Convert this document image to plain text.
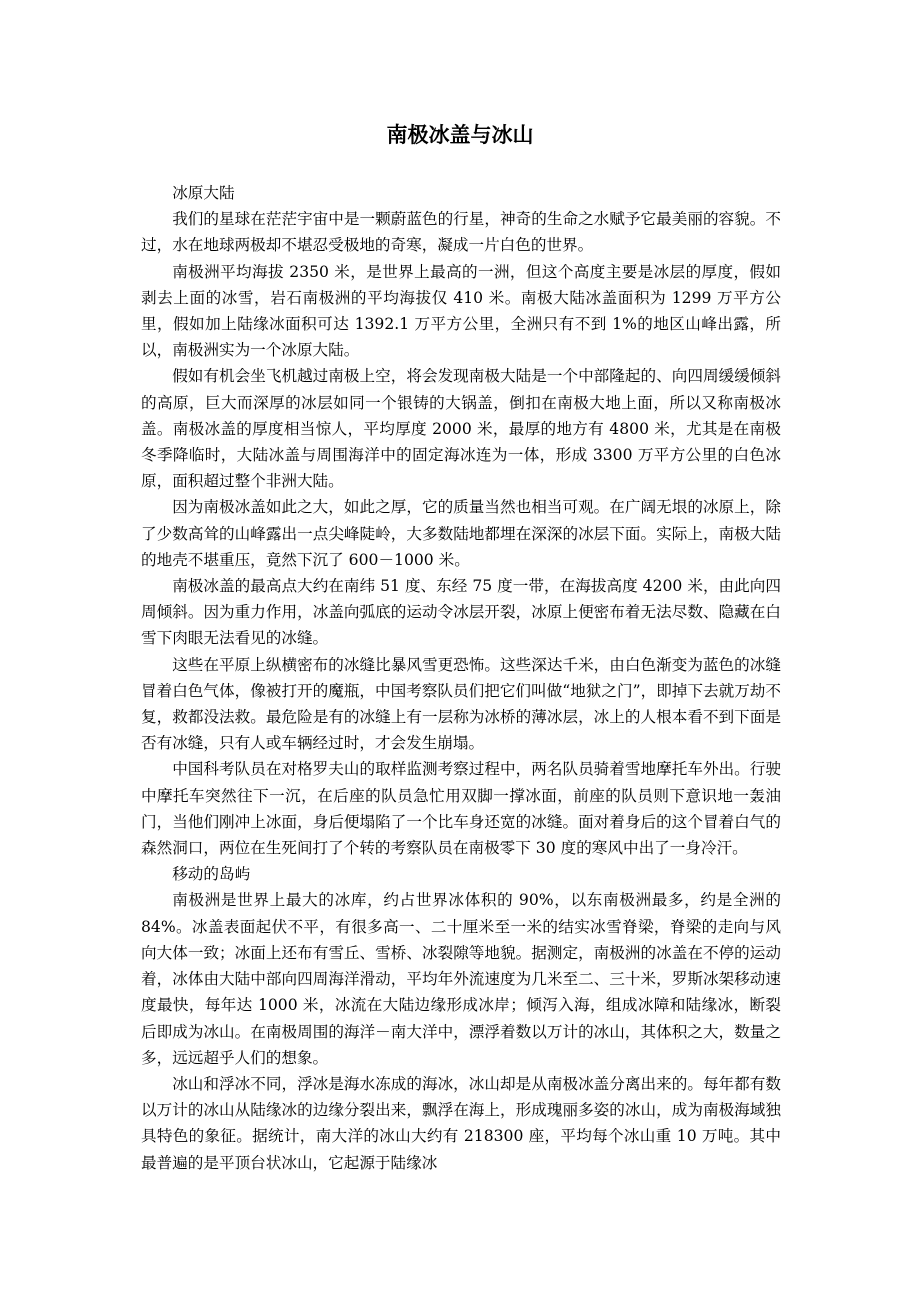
南极冰盖与冰山
冰原大陆

我们的星球在茫茫宇宙中是一颗蔚蓝色的行星，神奇的生命之水赋予它最美丽的容貌。不过，水在地球两极却不堪忍受极地的奇寒，凝成一片白色的世界。

南极洲平均海拔 2350 米，是世界上最高的一洲，但这个高度主要是冰层的厚度，假如剥去上面的冰雪，岩石南极洲的平均海拔仅 410 米。南极大陆冰盖面积为 1299 万平方公里，假如加上陆缘冰面积可达 1392.1 万平方公里，全洲只有不到 1%的地区山峰出露，所以，南极洲实为一个冰原大陆。

假如有机会坐飞机越过南极上空，将会发现南极大陆是一个中部隆起的、向四周缓缓倾斜的高原，巨大而深厚的冰层如同一个银铸的大锅盖，倒扣在南极大地上面，所以又称南极冰盖。南极冰盖的厚度相当惊人，平均厚度 2000 米，最厚的地方有 4800 米，尤其是在南极冬季降临时，大陆冰盖与周围海洋中的固定海冰连为一体，形成 3300 万平方公里的白色冰原，面积超过整个非洲大陆。

因为南极冰盖如此之大，如此之厚，它的质量当然也相当可观。在广阔无垠的冰原上，除了少数高耸的山峰露出一点尖峰陡岭，大多数陆地都埋在深深的冰层下面。实际上，南极大陆的地壳不堪重压，竟然下沉了 600－1000 米。

南极冰盖的最高点大约在南纬 51 度、东经 75 度一带，在海拔高度 4200 米，由此向四周倾斜。因为重力作用，冰盖向弧底的运动令冰层开裂，冰原上便密布着无法尽数、隐藏在白雪下肉眼无法看见的冰缝。

这些在平原上纵横密布的冰缝比暴风雪更恐怖。这些深达千米，由白色渐变为蓝色的冰缝冒着白色气体，像被打开的魔瓶，中国考察队员们把它们叫做“地狱之门”，即掉下去就万劫不复，救都没法救。最危险是有的冰缝上有一层称为冰桥的薄冰层，冰上的人根本看不到下面是否有冰缝，只有人或车辆经过时，才会发生崩塌。

中国科考队员在对格罗夫山的取样监测考察过程中，两名队员骑着雪地摩托车外出。行驶中摩托车突然往下一沉，在后座的队员急忙用双脚一撑冰面，前座的队员则下意识地一轰油门，当他们刚冲上冰面，身后便塌陷了一个比车身还宽的冰缝。面对着身后的这个冒着白气的森然洞口，两位在生死间打了个转的考察队员在南极零下 30 度的寒风中出了一身冷汗。

移动的岛屿

南极洲是世界上最大的冰库，约占世界冰体积的 90%，以东南极洲最多，约是全洲的 84%。冰盖表面起伏不平，有很多高一、二十厘米至一米的结实冰雪脊梁，脊梁的走向与风向大体一致；冰面上还布有雪丘、雪桥、冰裂隙等地貌。据测定，南极洲的冰盖在不停的运动着，冰体由大陆中部向四周海洋滑动，平均年外流速度为几米至二、三十米，罗斯冰架移动速度最快，每年达 1000 米，冰流在大陆边缘形成冰岸；倾泻入海，组成冰障和陆缘冰，断裂后即成为冰山。在南极周围的海洋－南大洋中，漂浮着数以万计的冰山，其体积之大，数量之多，远远超乎人们的想象。

冰山和浮冰不同，浮冰是海水冻成的海冰，冰山却是从南极冰盖分离出来的。每年都有数以万计的冰山从陆缘冰的边缘分裂出来，飘浮在海上，形成瑰丽多姿的冰山，成为南极海域独具特色的象征。据统计，南大洋的冰山大约有 218300 座，平均每个冰山重 10 万吨。其中最普遍的是平顶台状冰山，它起源于陆缘冰
